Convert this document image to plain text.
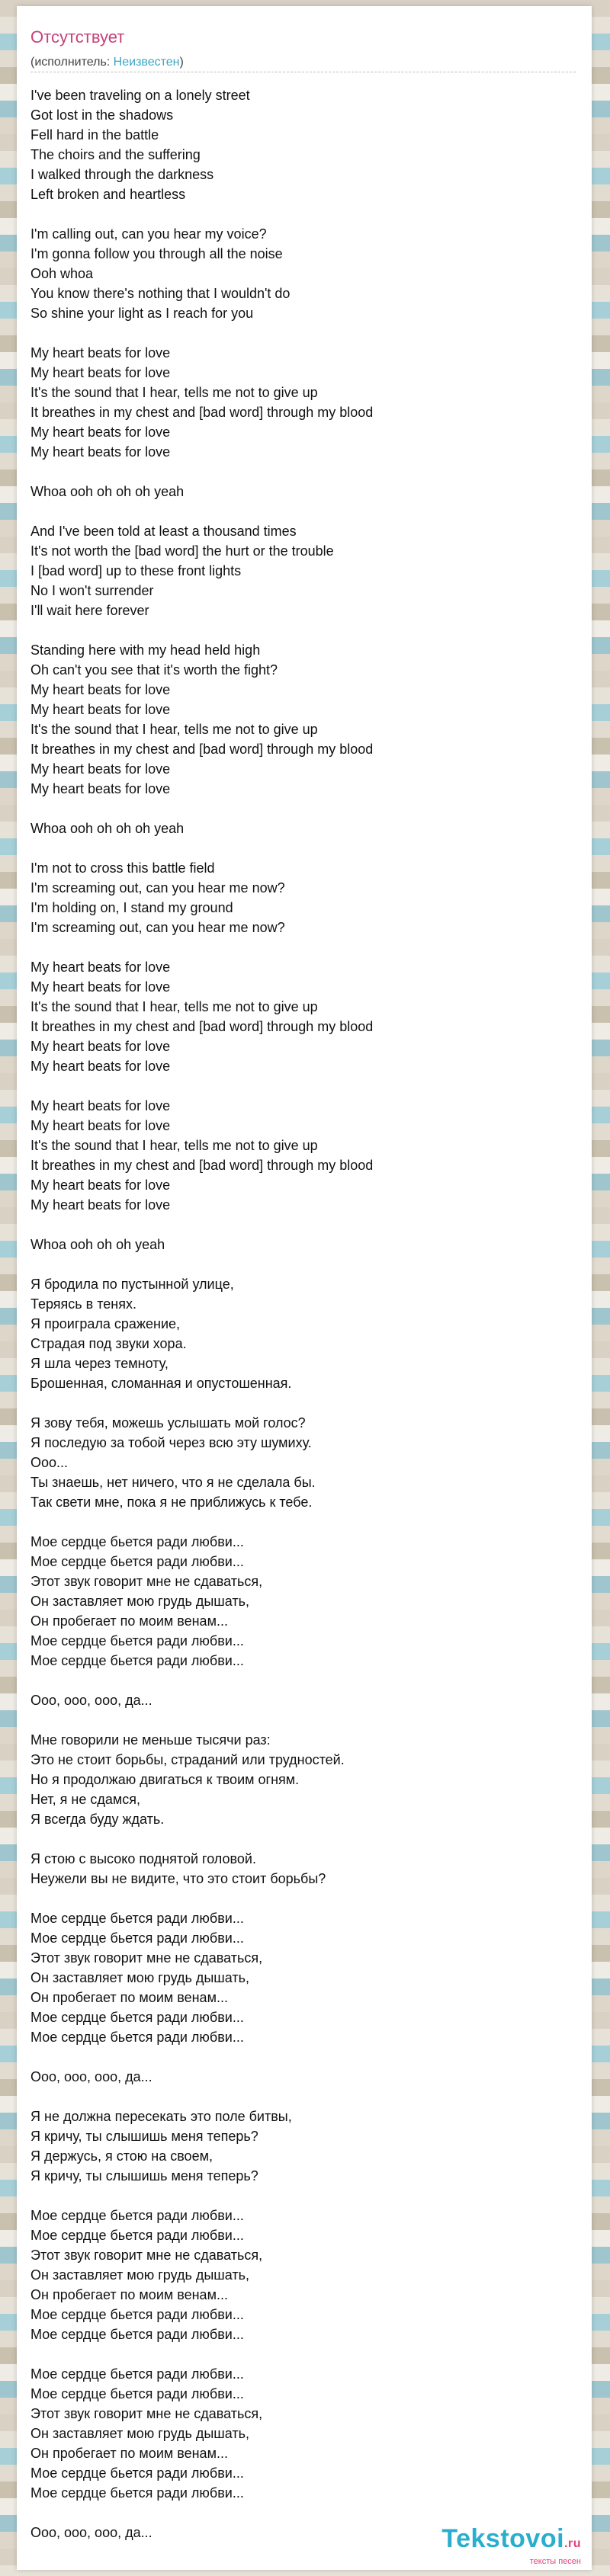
Отсутствует
(исполнитель: Неизвестен)
I've been traveling on a lonely street
Got lost in the shadows
Fell hard in the battle
The choirs and the suffering
I walked through the darkness
Left broken and heartless
I'm calling out, can you hear my voice?
I'm gonna follow you through all the noise
Ooh whoa
You know there's nothing that I wouldn't do
So shine your light as I reach for you
My heart beats for love
My heart beats for love
It's the sound that I hear, tells me not to give up
It breathes in my chest and [bad word] through my blood
My heart beats for love
My heart beats for love
Whoa ooh oh oh oh yeah
And I've been told at least a thousand times
It's not worth the [bad word] the hurt or the trouble
I [bad word] up to these front lights
No I won't surrender
I'll wait here forever
Standing here with my head held high
Oh can't you see that it's worth the fight?
My heart beats for love
My heart beats for love
It's the sound that I hear, tells me not to give up
It breathes in my chest and [bad word] through my blood
My heart beats for love
My heart beats for love
Whoa ooh oh oh oh yeah
I'm not to cross this battle field
I'm screaming out, can you hear me now?
I'm holding on, I stand my ground
I'm screaming out, can you hear me now?
My heart beats for love
My heart beats for love
It's the sound that I hear, tells me not to give up
It breathes in my chest and [bad word] through my blood
My heart beats for love
My heart beats for love
My heart beats for love
My heart beats for love
It's the sound that I hear, tells me not to give up
It breathes in my chest and [bad word] through my blood
My heart beats for love
My heart beats for love
Whoa ooh oh oh yeah
Я бродила по пустынной улице,
Теряясь в тенях.
Я проиграла сражение,
Страдая под звуки хора.
Я шла через темноту,
Брошенная, сломанная и опустошенная.
Я зову тебя, можешь услышать мой голос?
Я последую за тобой через всю эту шумиху.
Ооо...
Ты знаешь, нет ничего, что я не сделала бы.
Так свети мне, пока я не приближусь к тебе.
Мое сердце бьется ради любви...
Мое сердце бьется ради любви...
Этот звук говорит мне не сдаваться,
Он заставляет мою грудь дышать,
Он пробегает по моим венам...
Мое сердце бьется ради любви...
Мое сердце бьется ради любви...
Ооо, ооо, ооо, да...
Мне говорили не меньше тысячи раз:
Это не стоит борьбы, страданий или трудностей.
Но я продолжаю двигаться к твоим огням.
Нет, я не сдамся,
Я всегда буду ждать.
Я стою с высоко поднятой головой.
Неужели вы не видите, что это стоит борьбы?
Мое сердце бьется ради любви...
Мое сердце бьется ради любви...
Этот звук говорит мне не сдаваться,
Он заставляет мою грудь дышать,
Он пробегает по моим венам...
Мое сердце бьется ради любви...
Мое сердце бьется ради любви...
Ооо, ооо, ооо, да...
Я не должна пересекать это поле битвы,
Я кричу, ты слышишь меня теперь?
Я держусь, я стою на своем,
Я кричу, ты слышишь меня теперь?
Мое сердце бьется ради любви...
Мое сердце бьется ради любви...
Этот звук говорит мне не сдаваться,
Он заставляет мою грудь дышать,
Он пробегает по моим венам...
Мое сердце бьется ради любви...
Мое сердце бьется ради любви...
Мое сердце бьется ради любви...
Мое сердце бьется ради любви...
Этот звук говорит мне не сдаваться,
Он заставляет мою грудь дышать,
Он пробегает по моим венам...
Мое сердце бьется ради любви...
Мое сердце бьется ради любви...
Ооо, ооо, ооо, да...	Tekstovoi.ru
тексты песен
